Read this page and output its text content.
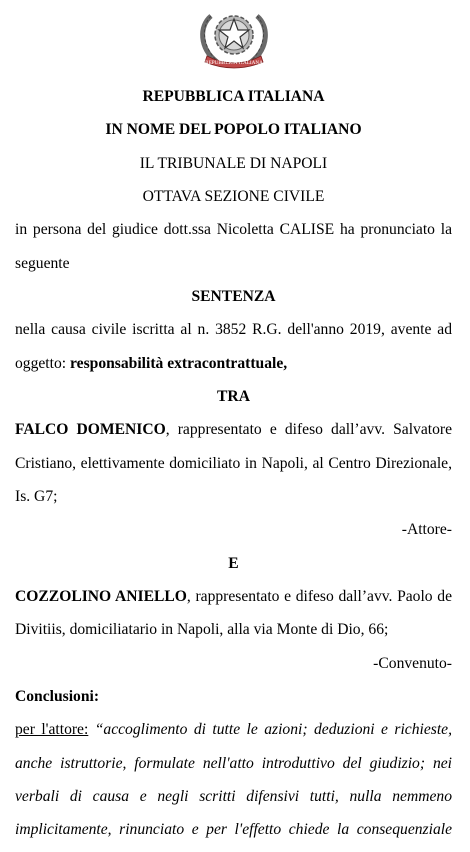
REPUBBLICA ITALIANA
REPUBBLICA ITALIANA
IN NOME DEL POPOLO ITALIANO
IL TRIBUNALE DI NAPOLI
OTTAVA SEZIONE CIVILE
in persona del giudice dott.ssa Nicoletta CALISE ha pronunciato la
seguente
SENTENZA
nella causa civile iscritta al n. 3852 R.G. dell'anno 2019, avente ad
oggetto: responsabilità extracontrattuale,
TRA
FALCO DOMENICO, rappresentato e difeso dall’avv. Salvatore
Cristiano, elettivamente domiciliato in Napoli, al Centro Direzionale,
Is. G7;
-Attore-
E
COZZOLINO ANIELLO, rappresentato e difeso dall’avv. Paolo de
Divitiis, domiciliatario in Napoli, alla via Monte di Dio, 66;
-Convenuto-
Conclusioni:
per l'attore: “accoglimento di tutte le azioni; deduzioni e richieste,
anche istruttorie, formulate nell'atto introduttivo del giudizio; nei
verbali di causa e negli scritti difensivi tutti, nulla nemmeno
implicitamente, rinunciato e per l'effetto chiede la consequenziale
